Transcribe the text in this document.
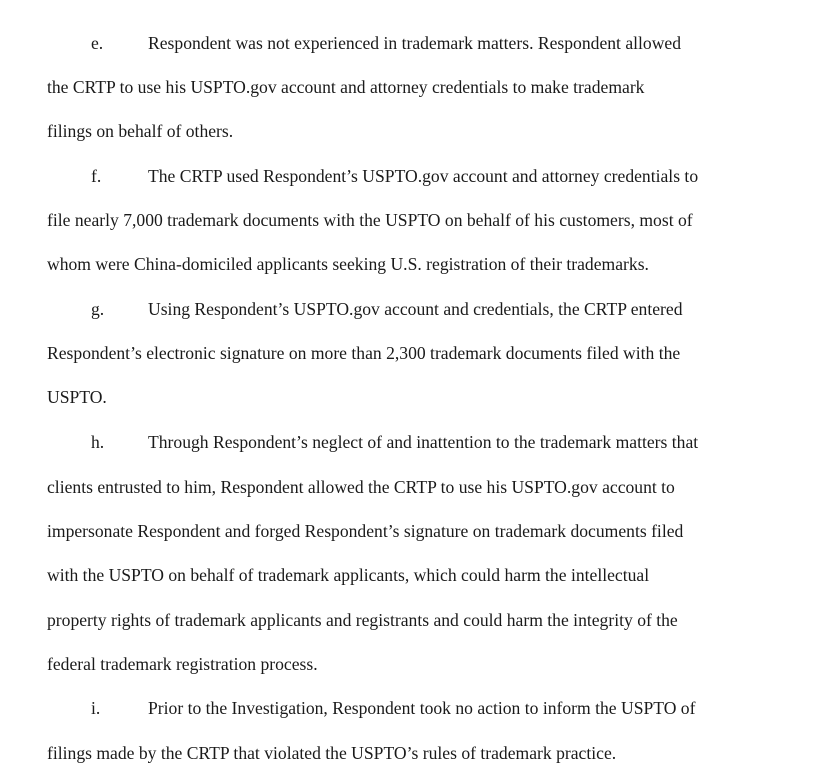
e.	Respondent was not experienced in trademark matters. Respondent allowed
the CRTP to use his USPTO.gov account and attorney credentials to make trademark
filings on behalf of others.
f.	The CRTP used Respondent’s USPTO.gov account and attorney credentials to
file nearly 7,000 trademark documents with the USPTO on behalf of his customers, most of
whom were China-domiciled applicants seeking U.S. registration of their trademarks.
g. Using Respondent’s USPTO.gov account and credentials, the CRTP entered
Respondent’s electronic signature on more than 2,300 trademark documents filed with the
USPTO.
h. Through Respondent’s neglect of and inattention to the trademark matters that
clients entrusted to him, Respondent allowed the CRTP to use his USPTO.gov account to
impersonate Respondent and forged Respondent’s signature on trademark documents filed
with the USPTO on behalf of trademark applicants, which could harm the intellectual
property rights of trademark applicants and registrants and could harm the integrity of the
federal trademark registration process.
i.	Prior to the Investigation, Respondent took no action to inform the USPTO of
filings made by the CRTP that violated the USPTO’s rules of trademark practice.
